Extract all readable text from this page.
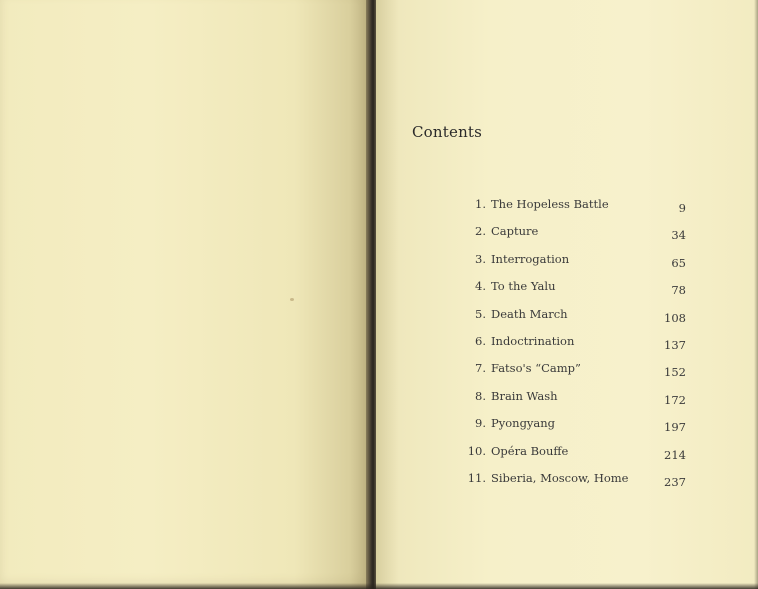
Contents
1. The Hopeless Battle	9
2. Capture	34
3. Interrogation	65
4. To the Yalu	78
5. Death March	108
6. Indoctrination	137
7. Fatso's “Camp”	152
8. Brain Wash	172
9. Pyongyang	197
10. Opéra Bouffe	214
11. Siberia, Moscow, Home	237
